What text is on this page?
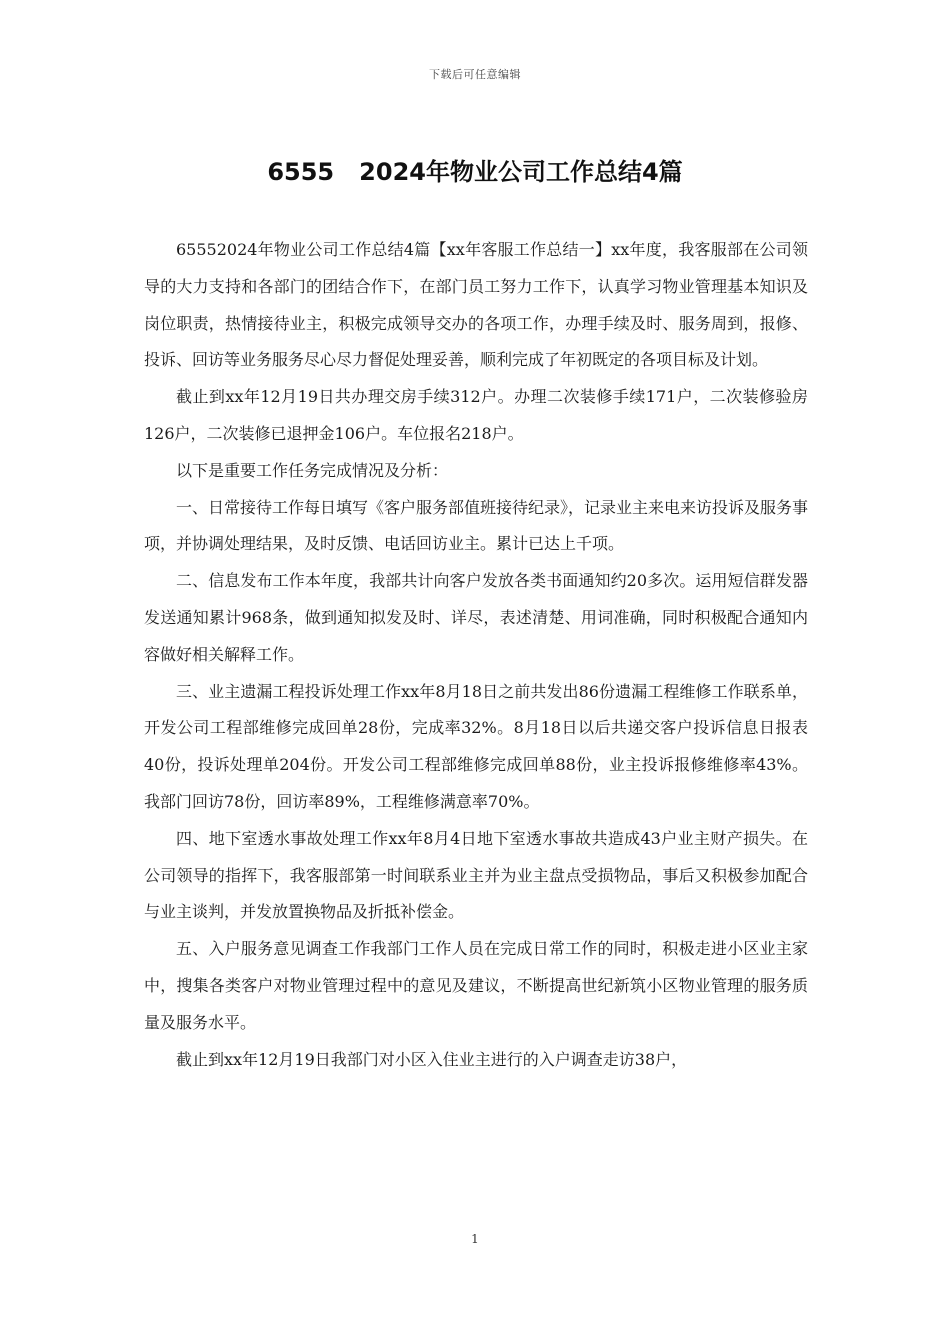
下载后可任意编辑
6555   2024年物业公司工作总结4篇

65552024年物业公司工作总结4篇【xx年客服工作总结一】xx年度，我客服部在公司领导的大力支持和各部门的团结合作下，在部门员工努力工作下，认真学习物业管理基本知识及岗位职责，热情接待业主，积极完成领导交办的各项工作，办理手续及时、服务周到，报修、投诉、回访等业务服务尽心尽力督促处理妥善，顺利完成了年初既定的各项目标及计划。

截止到xx年12月19日共办理交房手续312户。办理二次装修手续171户，二次装修验房126户，二次装修已退押金106户。车位报名218户。

以下是重要工作任务完成情况及分析：

一、日常接待工作每日填写《客户服务部值班接待纪录》，记录业主来电来访投诉及服务事项，并协调处理结果，及时反馈、电话回访业主。累计已达上千项。

二、信息发布工作本年度，我部共计向客户发放各类书面通知约20多次。运用短信群发器发送通知累计968条，做到通知拟发及时、详尽，表述清楚、用词准确，同时积极配合通知内容做好相关解释工作。

三、业主遗漏工程投诉处理工作xx年8月18日之前共发出86份遗漏工程维修工作联系单，开发公司工程部维修完成回单28份，完成率32%。8月18日以后共递交客户投诉信息日报表40份，投诉处理单204份。开发公司工程部维修完成回单88份，业主投诉报修维修率43%。我部门回访78份，回访率89%，工程维修满意率70%。

四、地下室透水事故处理工作xx年8月4日地下室透水事故共造成43户业主财产损失。在公司领导的指挥下，我客服部第一时间联系业主并为业主盘点受损物品，事后又积极参加配合与业主谈判，并发放置换物品及折抵补偿金。

五、入户服务意见调查工作我部门工作人员在完成日常工作的同时，积极走进小区业主家中，搜集各类客户对物业管理过程中的意见及建议，不断提高世纪新筑小区物业管理的服务质量及服务水平。

截止到xx年12月19日我部门对小区入住业主进行的入户调查走访38户，

1
